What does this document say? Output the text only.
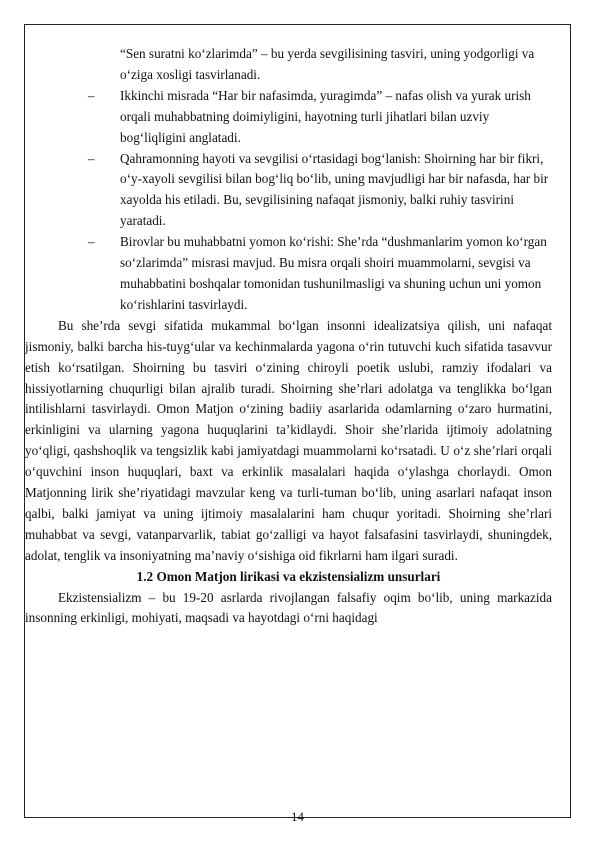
“Sen suratni ko‘zlarimda” – bu yerda sevgilisining tasviri, uning yodgorligi va o‘ziga xosligi tasvirlanadi.

– Ikkinchi misrada “Har bir nafasimda, yuragimda” – nafas olish va yurak urish orqali muhabbatning doimiyligini, hayotning turli jihatlari bilan uzviy bog‘liqligini anglatadi.
– Qahramonning hayoti va sevgilisi o‘rtasidagi bog‘lanish: Shoirning har bir fikri, o‘y-xayoli sevgilisi bilan bog‘liq bo‘lib, uning mavjudligi har bir nafasda, har bir xayolda his etiladi. Bu, sevgilisining nafaqat jismoniy, balki ruhiy tasvirini yaratadi.
– Birovlar bu muhabbatni yomon ko‘rishi: She’rda “dushmanlarim yomon ko‘rgan so‘zlarimda” misrasi mavjud. Bu misra orqali shoiri muammolarni, sevgisi va muhabbatini boshqalar tomonidan tushunilmasligi va shuning uchun uni yomon ko‘rishlarini tasvirlaydi.

Bu she’rda sevgi sifatida mukammal bo‘lgan insonni idealizatsiya qilish, uni nafaqat jismoniy, balki barcha his-tuyg‘ular va kechinmalarda yagona o‘rin tutuvchi kuch sifatida tasavvur etish ko‘rsatilgan. Shoirning bu tasviri o‘zining chiroyli poetik uslubi, ramziy ifodalari va hissiyotlarning chuqurligi bilan ajralib turadi. Shoirning she’rlari adolatga va tenglikka bo‘lgan intilishlarni tasvirlaydi. Omon Matjon o‘zining badiiy asarlarida odamlarning o‘zaro hurmatini, erkinligini va ularning yagona huquqlarini ta’kidlaydi. Shoir she’rlarida ijtimoiy adolatning yo‘qligi, qashshoqlik va tengsizlik kabi jamiyatdagi muammolarni ko‘rsatadi. U o‘z she’rlari orqali o‘quvchini inson huquqlari, baxt va erkinlik masalalari haqida o‘ylashga chorlaydi. Omon Matjonning lirik she’riyatidagi mavzular keng va turli-tuman bo‘lib, uning asarlari nafaqat inson qalbi, balki jamiyat va uning ijtimoiy masalalarini ham chuqur yoritadi. Shoirning she’rlari muhabbat va sevgi, vatanparvarlik, tabiat go‘zalligi va hayot falsafasini tasvirlaydi, shuningdek, adolat, tenglik va insoniyatning ma’naviy o‘sishiga oid fikrlarni ham ilgari suradi.

1.2 Omon Matjon lirikasi va ekzistensializm unsurlari

Ekzistensializm – bu 19-20 asrlarda rivojlangan falsafiy oqim bo‘lib, uning markazida insonning erkinligi, mohiyati, maqsadi va hayotdagi o‘rni haqidagi

14
